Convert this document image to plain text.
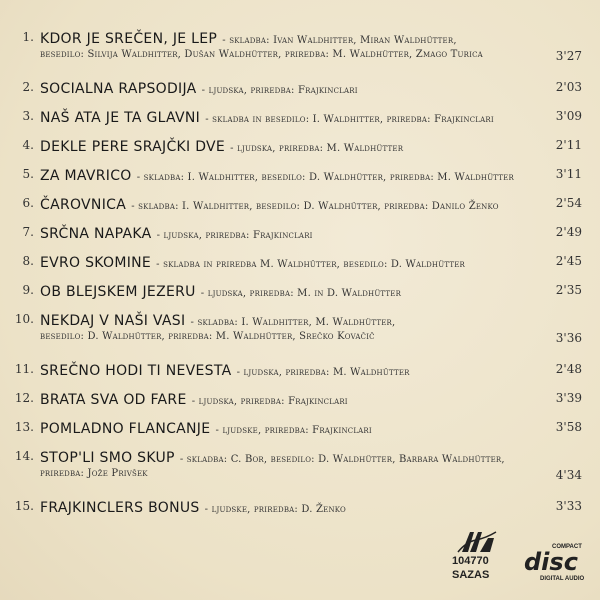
1. KDOR JE SREČEN, JE LEP - skladba: Ivan Waldhitter, Miran Waldhütter,
besedilo: Silvija Waldhitter, Dušan Waldhütter, priredba: M. Waldhütter, Zmago Turica	3'27
2. SOCIALNA RAPSODIJA - ljudska, priredba: Frajkinclari	2'03
3. NAŠ ATA JE TA GLAVNI - skladba in besedilo: I. Waldhitter, priredba: Frajkinclari	3'09
4. DEKLE PERE SRAJČKI DVE - ljudska, priredba: M. Waldhütter	2'11
5. ZA MAVRICO - skladba: I. Waldhitter, besedilo: D. Waldhütter, priredba: M. Waldhütter	3'11
6. ČAROVNICA - skladba: I. Waldhitter, besedilo: D. Waldhütter, priredba: Danilo Ženko	2'54
7. SRČNA NAPAKA - ljudska, priredba: Frajkinclari	2'49
8. EVRO SKOMINE - skladba in priredba M. Waldhütter, besedilo: D. Waldhütter	2'45
9. OB BLEJSKEM JEZERU - ljudska, priredba: M. in D. Waldhütter	2'35
10. NEKDAJ V NAŠI VASI - skladba: I. Waldhitter, M. Waldhütter,
besedilo: D. Waldhütter, priredba: M. Waldhütter, Srečko Kovačič	3'36
11. SREČNO HODI TI NEVESTA - ljudska, priredba: M. Waldhütter	2'48
12. BRATA SVA OD FARE - ljudska, priredba: Frajkinclari	3'39
13. POMLADNO FLANCANJE - ljudske, priredba: Frajkinclari	3'58
14. STOP'LI SMO SKUP - skladba: C. Bor, besedilo: D. Waldhütter, Barbara Waldhütter,
priredba: Jože Privšek	4'34
15. FRAJKINCLERS BONUS - ljudske, priredba: D. Ženko	3'33
104770
SAZAS	disc
COMPACT
DIGITAL AUDIO
